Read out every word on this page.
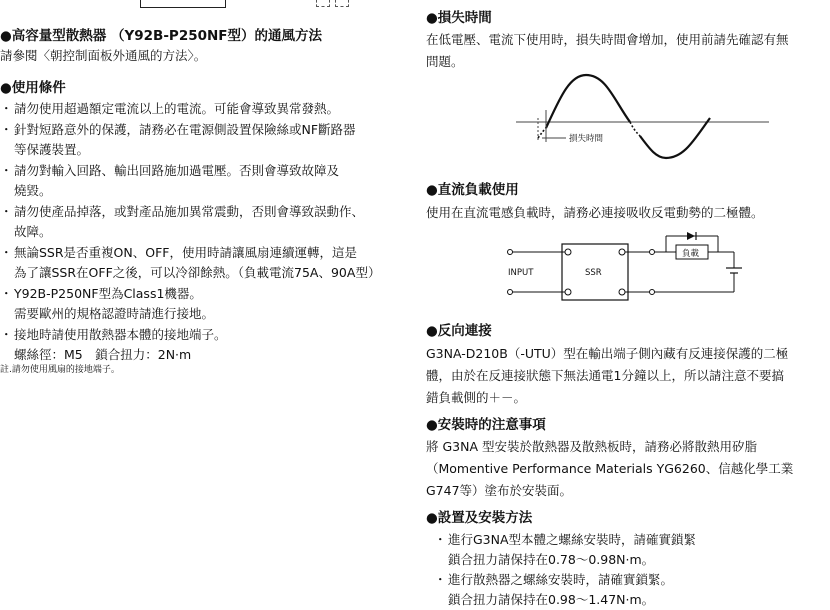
●高容量型散熱器 （Y92B-P250NF型）的通風方法
請參閱〈朝控制面板外通風的方法〉。
●使用條件
・ 請勿使用超過額定電流以上的電流。可能會導致異常發熱。
・ 針對短路意外的保護，請務必在電源側設置保險絲或NF斷路器
等保護裝置。
・ 請勿對輸入回路、輸出回路施加過電壓。否則會導致故障及
燒毀。
・ 請勿使產品掉落，或對產品施加異常震動，否則會導致誤動作、
故障。
・ 無論SSR是否重複ON、OFF，使用時請讓風扇連續運轉，這是
為了讓SSR在OFF之後，可以冷卻餘熱。（負載電流75A、90A型）
・ Y92B-P250NF型為Class1機器。
需要歐州的規格認證時請進行接地。
・ 接地時請使用散熱器本體的接地端子。
螺絲徑：M5　鎖合扭力：2N·m
註.請勿使用風扇的接地端子。
●損失時間
在低電壓、電流下使用時，損失時間會增加，使用前請先確認有無
問題。
損失時間
●直流負載使用
使用在直流電感負載時，請務必連接吸收反電動勢的二極體。
INPUT	SSR
負載
●反向連接
G3NA-D210B（-UTU）型在輸出端子側內藏有反連接保護的二極
體，由於在反連接狀態下無法通電1分鐘以上，所以請注意不要搞
錯負載側的＋－。
●安裝時的注意事項
將 G3NA 型安裝於散熱器及散熱板時，請務必將散熱用矽脂
（Momentive Performance Materials YG6260、信越化學工業
G747等）塗布於安裝面。
●設置及安裝方法
・ 進行G3NA型本體之螺絲安裝時，請確實鎖緊
鎖合扭力請保持在0.78～0.98N·m。
・ 進行散熱器之螺絲安裝時，請確實鎖緊。
鎖合扭力請保持在0.98～1.47N·m。
